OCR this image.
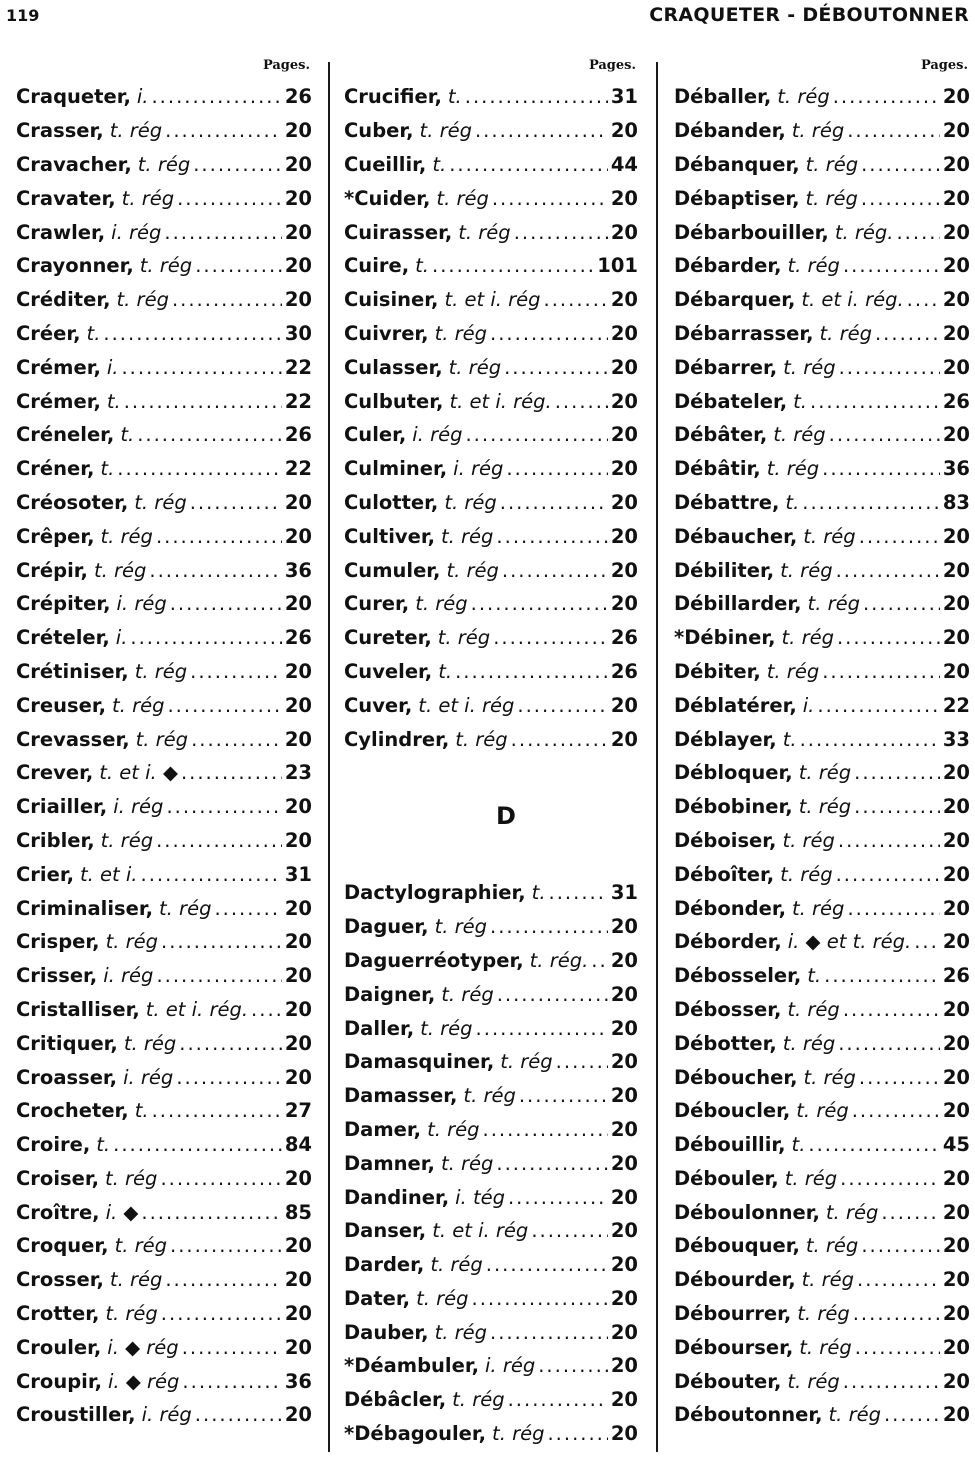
119	CRAQUETER - DÉBOUTONNER
Pages.
Craqueter, i. .....	26
Crasser, t. rég .....	20
Cravacher, t. rég .....	20
Cravater, t. rég .....	20
Crawler, i. rég .....	20
Crayonner, t. rég .....	20
Créditer, t. rég .....	20
Créer, t. .....	30
Crémer, i. .....	22
Crémer, t. .....	22
Créneler, t. .....	26
Créner, t. .....	22
Créosoter, t. rég .....	20
Crêper, t. rég .....	20
Crépir, t. rég .....	36
Crépiter, i. rég .....	20
Crételer, i. .....	26
Crétiniser, t. rég .....	20
Creuser, t. rég .....	20
Crevasser, t. rég .....	20
Crever, t. et i. ◆ .....	23
Criailler, i. rég .....	20
Cribler, t. rég .....	20
Crier, t. et i. .....	31
Criminaliser, t. rég .....	20
Crisper, t. rég .....	20
Crisser, i. rég .....	20
Cristalliser, t. et i. rég. ..... 20
Critiquer, t. rég .....	20
Croasser, i. rég .....	20
Crocheter, t. .....	27
Croire, t. .....	84
Croiser, t. rég .....	20
Croître, i. ◆ .....	85
Croquer, t. rég .....	20
Crosser, t. rég .....	20
Crotter, t. rég .....	20
Crouler, i. ◆ rég .....	20
Croupir, i. ◆ rég .....	36
Croustiller, i. rég .....	20
Pages.
Crucifier, t. .....	31
Cuber, t. rég .....	20
Cueillir, t. .....	44
*Cuider, t. rég .....	20
Cuirasser, t. rég .....	20
Cuire, t. .....	101
Cuisiner, t. et i. rég .....	20
Cuivrer, t. rég .....	20
Culasser, t. rég .....	20
Culbuter, t. et i. rég. .....	20
Culer, i. rég .....	20
Culminer, i. rég .....	20
Culotter, t. rég .....	20
Cultiver, t. rég .....	20
Cumuler, t. rég .....	20
Curer, t. rég .....	20
Cureter, t. rég .....	26
Cuveler, t. .....	26
Cuver, t. et i. rég .....	20
Cylindrer, t. rég .....	20
D
Dactylographier, t. .....	31
Daguer, t. rég .....	20
Daguerréotyper, t. rég. ..... 20
Daigner, t. rég .....	20
Daller, t. rég .....	20
Damasquiner, t. rég .....	20
Damasser, t. rég .....	20
Damer, t. rég .....	20
Damner, t. rég .....	20
Dandiner, i. tég .....	20
Danser, t. et i. rég .....	20
Darder, t. rég .....	20
Dater, t. rég .....	20
Dauber, t. rég .....	20
*Déambuler, i. rég .....	20
Débâcler, t. rég .....	20
*Débagouler, t. rég .....	20
Pages.
Déballer, t. rég .....	20
Débander, t. rég .....	20
Débanquer, t. rég .....	20
Débaptiser, t. rég .....	20
Débarbouiller, t. rég. .....	20
Débarder, t. rég .....	20
Débarquer, t. et i. rég. ..... 20
Débarrasser, t. rég .....	20
Débarrer, t. rég .....	20
Débateler, t. .....	26
Débâter, t. rég .....	20
Débâtir, t. rég .....	36
Débattre, t. .....	83
Débaucher, t. rég .....	20
Débiliter, t. rég .....	20
Débillarder, t. rég .....	20
*Débiner, t. rég .....	20
Débiter, t. rég .....	20
Déblatérer, i. .....	22
Déblayer, t. .....	33
Débloquer, t. rég .....	20
Débobiner, t. rég .....	20
Déboiser, t. rég .....	20
Déboîter, t. rég .....	20
Débonder, t. rég .....	20
Déborder, i. ◆ et t. rég. ..... 20
Débosseler, t. .....	26
Débosser, t. rég .....	20
Débotter, t. rég .....	20
Déboucher, t. rég .....	20
Déboucler, t. rég .....	20
Débouillir, t. .....	45
Débouler, t. rég .....	20
Déboulonner, t. rég .....	20
Débouquer, t. rég .....	20
Débourder, t. rég .....	20
Débourrer, t. rég .....	20
Débourser, t. rég .....	20
Débouter, t. rég .....	20
Déboutonner, t. rég .....	20
